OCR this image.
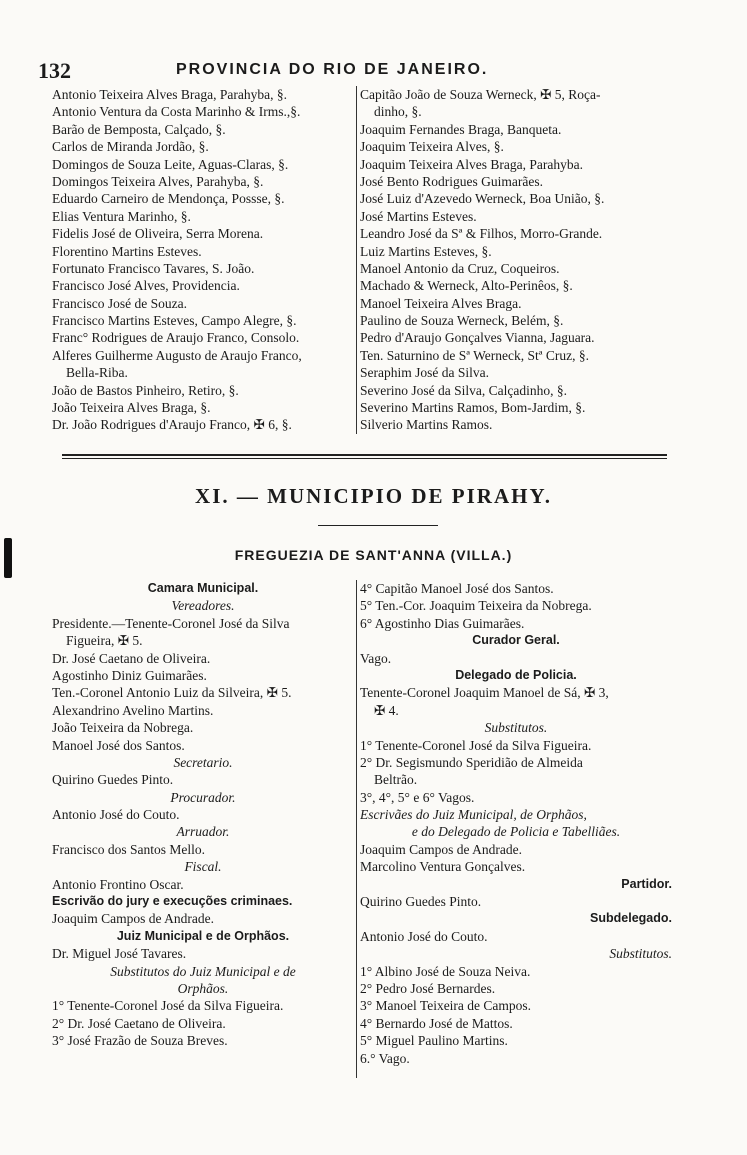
132	PROVINCIA DO RIO DE JANEIRO.
Antonio Teixeira Alves Braga, Parahyba, §.
Antonio Ventura da Costa Marinho & Irms.,§.
Barão de Bemposta, Calçado, §.
Carlos de Miranda Jordão, §.
Domingos de Souza Leite, Aguas-Claras, §.
Domingos Teixeira Alves, Parahyba, §.
Eduardo Carneiro de Mendonça, Possse, §.
Elias Ventura Marinho, §.
Fidelis José de Oliveira, Serra Morena.
Florentino Martins Esteves.
Fortunato Francisco Tavares, S. João.
Francisco José Alves, Providencia.
Francisco José de Souza.
Francisco Martins Esteves, Campo Alegre, §.
Franc° Rodrigues de Araujo Franco, Consolo.
Alferes Guilherme Augusto de Araujo Franco,
Bella-Riba.
João de Bastos Pinheiro, Retiro, §.
João Teixeira Alves Braga, §.
Dr. João Rodrigues d'Araujo Franco, ✠ 6, §.
Capitão João de Souza Werneck, ✠ 5, Roça-
dinho, §.
Joaquim Fernandes Braga, Banqueta.
Joaquim Teixeira Alves, §.
Joaquim Teixeira Alves Braga, Parahyba.
José Bento Rodrigues Guimarães.
José Luiz d'Azevedo Werneck, Boa União, §.
José Martins Esteves.
Leandro José da Sª & Filhos, Morro-Grande.
Luiz Martins Esteves, §.
Manoel Antonio da Cruz, Coqueiros.
Machado & Werneck, Alto-Perinêos, §.
Manoel Teixeira Alves Braga.
Paulino de Souza Werneck, Belém, §.
Pedro d'Araujo Gonçalves Vianna, Jaguara.
Ten. Saturnino de Sª Werneck, Stª Cruz, §.
Seraphim José da Silva.
Severino José da Silva, Calçadinho, §.
Severino Martins Ramos, Bom-Jardim, §.
Silverio Martins Ramos.
XI. — MUNICIPIO DE PIRAHY.
FREGUEZIA DE SANT'ANNA (VILLA.)
Camara Municipal.
Vereadores.
Presidente.—Tenente-Coronel José da Silva
Figueira, ✠ 5.
Dr. José Caetano de Oliveira.
Agostinho Diniz Guimarães.
Ten.-Coronel Antonio Luiz da Silveira, ✠ 5.
Alexandrino Avelino Martins.
João Teixeira da Nobrega.
Manoel José dos Santos.
Secretario.
Quirino Guedes Pinto.
Procurador.
Antonio José do Couto.
Arruador.
Francisco dos Santos Mello.
Fiscal.
Antonio Frontino Oscar.
Escrivão do jury e execuções criminaes.
Joaquim Campos de Andrade.
Juiz Municipal e de Orphãos.
Dr. Miguel José Tavares.
Substitutos do Juiz Municipal e de
Orphãos.
1° Tenente-Coronel José da Silva Figueira.
2° Dr. José Caetano de Oliveira.
3° José Frazão de Souza Breves.
4° Capitão Manoel José dos Santos.
5° Ten.-Cor. Joaquim Teixeira da Nobrega.
6° Agostinho Dias Guimarães.
Curador Geral.
Vago.
Delegado de Policia.
Tenente-Coronel Joaquim Manoel de Sá, ✠ 3,
✠ 4.
Substitutos.
1° Tenente-Coronel José da Silva Figueira.
2° Dr. Segismundo Speridião de Almeida
Beltrão.
3°, 4°, 5° e 6° Vagos.
Escrivães do Juiz Municipal, de Orphãos,
e do Delegado de Policia e Tabelliães.
Joaquim Campos de Andrade.
Marcolino Ventura Gonçalves.
Partidor.
Quirino Guedes Pinto.
Subdelegado.
Antonio José do Couto.
Substitutos.
1° Albino José de Souza Neiva.
2° Pedro José Bernardes.
3° Manoel Teixeira de Campos.
4° Bernardo José de Mattos.
5° Miguel Paulino Martins.
6.° Vago.
